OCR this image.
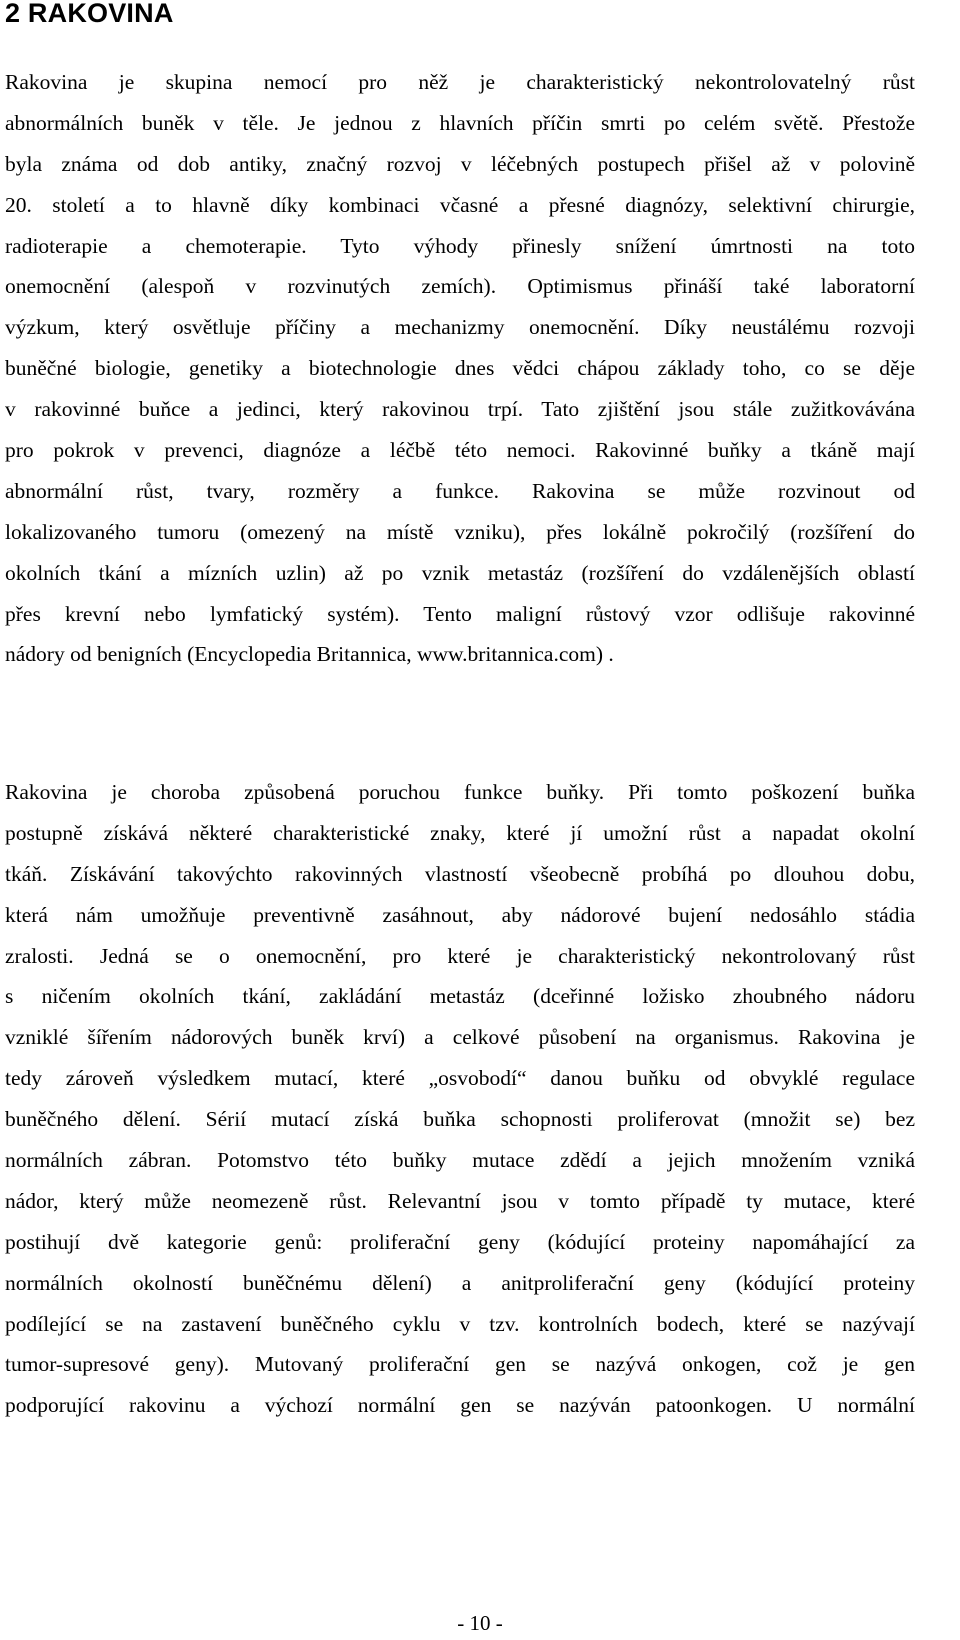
2 RAKOVINA
Rakovina je skupina nemocí pro něž je charakteristický nekontrolovatelný růst
abnormálních buněk v těle. Je jednou z hlavních příčin smrti po celém světě. Přestože
byla známa od dob antiky, značný rozvoj v léčebných postupech přišel až v polovině
20. století a to hlavně díky kombinaci včasné a přesné diagnózy, selektivní chirurgie,
radioterapie a chemoterapie. Tyto výhody přinesly snížení úmrtnosti na toto
onemocnění (alespoň v rozvinutých zemích). Optimismus přináší také laboratorní
výzkum, který osvětluje příčiny a mechanizmy onemocnění. Díky neustálému rozvoji
buněčné biologie, genetiky a biotechnologie dnes vědci chápou základy toho, co se děje
v rakovinné buňce a jedinci, který rakovinou trpí. Tato zjištění jsou stále zužitkovávána
pro pokrok v prevenci, diagnóze a léčbě této nemoci. Rakovinné buňky a tkáně mají
abnormální růst, tvary, rozměry a funkce. Rakovina se může rozvinout od
lokalizovaného tumoru (omezený na místě vzniku), přes lokálně pokročilý (rozšíření do
okolních tkání a mízních uzlin) až po vznik metastáz (rozšíření do vzdálenějších oblastí
přes krevní nebo lymfatický systém). Tento maligní růstový vzor odlišuje rakovinné
nádory od benigních (Encyclopedia Britannica, www.britannica.com) .
Rakovina je choroba způsobená poruchou funkce buňky. Při tomto poškození buňka
postupně získává některé charakteristické znaky, které jí umožní růst a napadat okolní
tkáň. Získávání takovýchto rakovinných vlastností všeobecně probíhá po dlouhou dobu,
která nám umožňuje preventivně zasáhnout, aby nádorové bujení nedosáhlo stádia
zralosti. Jedná se o onemocnění, pro které je charakteristický nekontrolovaný růst
s ničením okolních tkání, zakládání metastáz (dceřinné ložisko zhoubného nádoru
vzniklé šířením nádorových buněk krví) a celkové působení na organismus. Rakovina je
tedy zároveň výsledkem mutací, které „osvobodí“ danou buňku od obvyklé regulace
buněčného dělení. Sérií mutací získá buňka schopnosti proliferovat (množit se) bez
normálních zábran. Potomstvo této buňky mutace zdědí a jejich množením vzniká
nádor, který může neomezeně růst. Relevantní jsou v tomto případě ty mutace, které
postihují dvě kategorie genů: proliferační geny (kódující proteiny napomáhající za
normálních okolností buněčnému dělení) a anitproliferační geny (kódující proteiny
podílející se na zastavení buněčného cyklu v tzv. kontrolních bodech, které se nazývají
tumor-supresové geny). Mutovaný proliferační gen se nazývá onkogen, což je gen
podporující rakovinu a výchozí normální gen se nazýván patoonkogen. U normální

- 10 -
